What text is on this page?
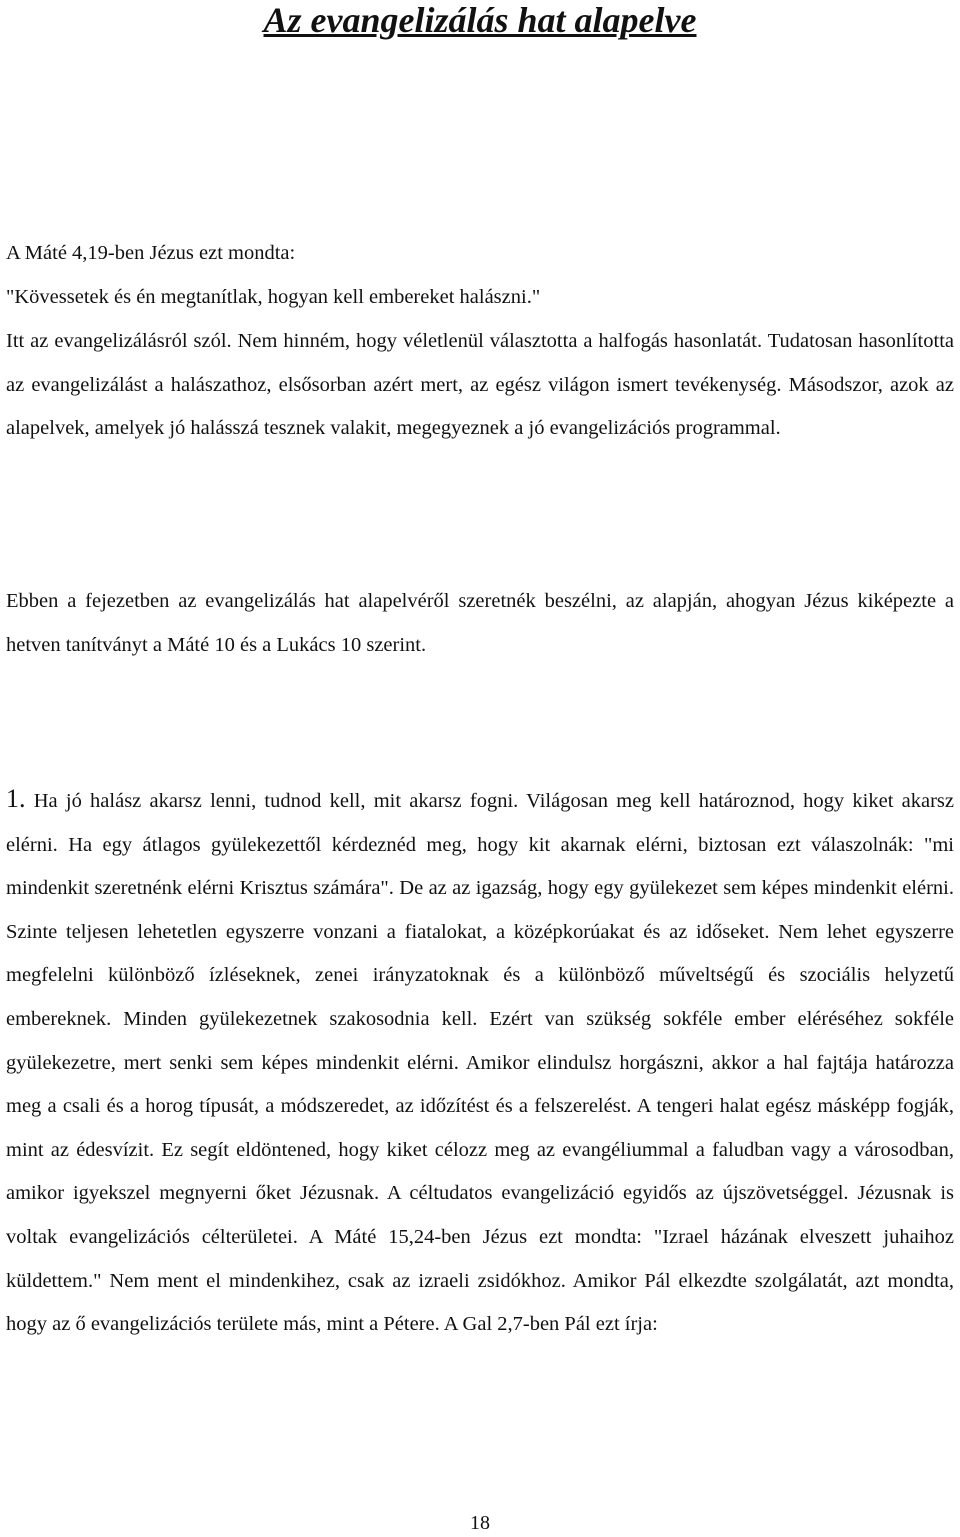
Az evangelizálás hat alapelve

A Máté 4,19-ben Jézus ezt mondta:

"Kövessetek és én megtanítlak, hogyan kell embereket halászni."

Itt az evangelizálásról szól. Nem hinném, hogy véletlenül választotta a halfogás hasonlatát. Tudatosan hasonlította az evangelizálást a halászathoz, elsősorban azért mert, az egész világon ismert tevékenység. Másodszor, azok az alapelvek, amelyek jó halásszá tesznek valakit, megegyeznek a jó evangelizációs programmal.

Ebben a fejezetben az evangelizálás hat alapelvéről szeretnék beszélni, az alapján, ahogyan Jézus kiképezte a hetven tanítványt a Máté 10 és a Lukács 10 szerint.

1. Ha jó halász akarsz lenni, tudnod kell, mit akarsz fogni. Világosan meg kell határoznod, hogy kiket akarsz elérni. Ha egy átlagos gyülekezettől kérdeznéd meg, hogy kit akarnak elérni, biztosan ezt válaszolnák: "mi mindenkit szeretnénk elérni Krisztus számára". De az az igazság, hogy egy gyülekezet sem képes mindenkit elérni. Szinte teljesen lehetetlen egyszerre vonzani a fiatalokat, a középkorúakat és az időseket. Nem lehet egyszerre megfelelni különböző ízléseknek, zenei irányzatoknak és a különböző műveltségű és szociális helyzetű embereknek. Minden gyülekezetnek szakosodnia kell. Ezért van szükség sokféle ember eléréséhez sokféle gyülekezetre, mert senki sem képes mindenkit elérni. Amikor elindulsz horgászni, akkor a hal fajtája határozza meg a csali és a horog típusát, a módszeredet, az időzítést és a felszerelést. A tengeri halat egész másképp fogják, mint az édesvízit. Ez segít eldöntened, hogy kiket célozz meg az evangéliummal a faludban vagy a városodban, amikor igyekszel megnyerni őket Jézusnak. A céltudatos evangelizáció egyidős az újszövetséggel. Jézusnak is voltak evangelizációs célterületei. A Máté 15,24-ben Jézus ezt mondta: "Izrael házának elveszett juhaihoz küldettem." Nem ment el mindenkihez, csak az izraeli zsidókhoz. Amikor Pál elkezdte szolgálatát, azt mondta, hogy az ő evangelizációs területe más, mint a Pétere. A Gal 2,7-ben Pál ezt írja:

18
